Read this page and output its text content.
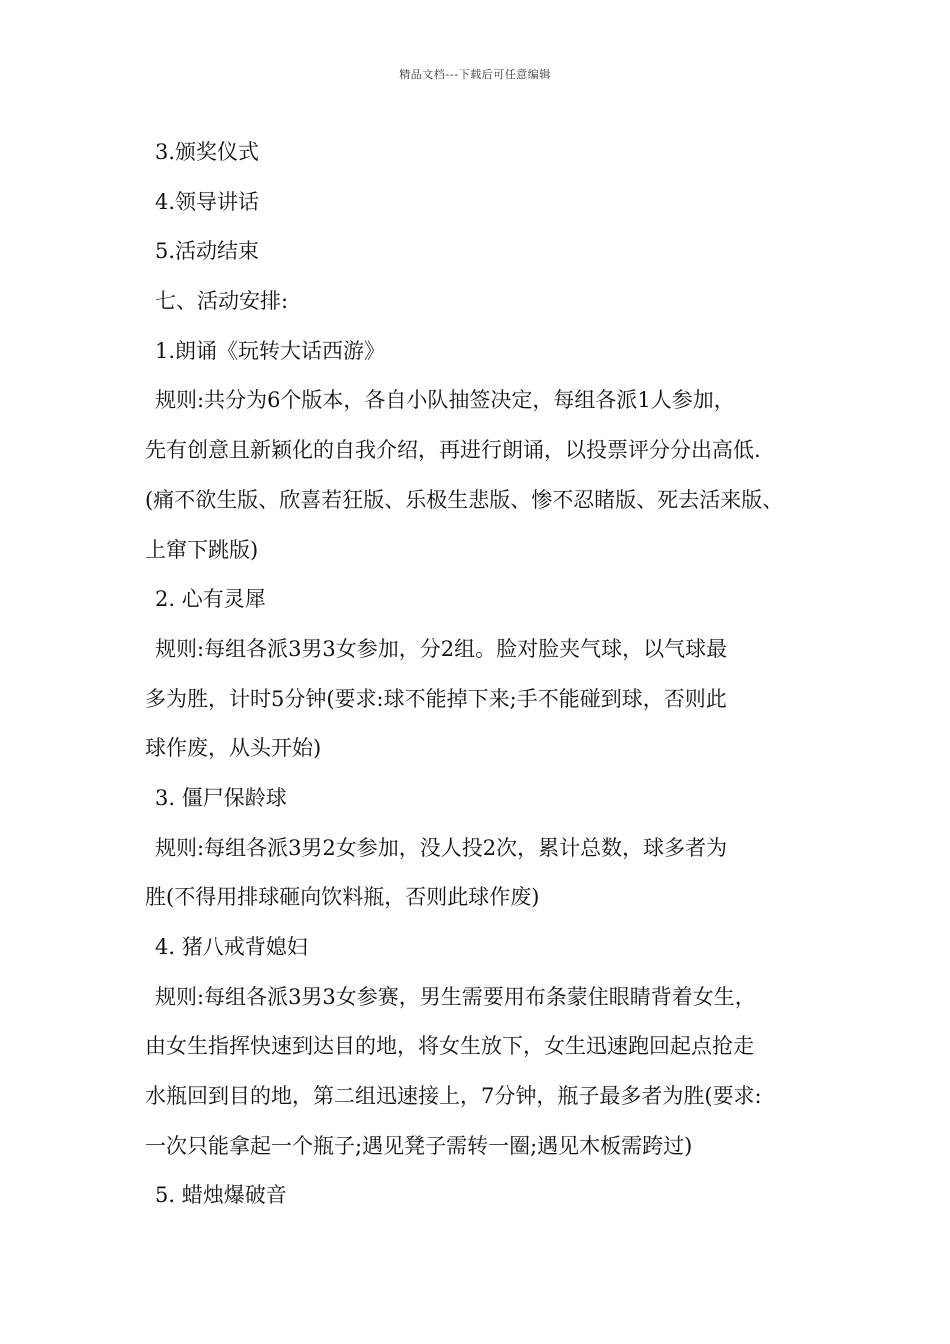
精品文档---下载后可任意编辑
3.颁奖仪式
4.领导讲话
5.活动结束
七、活动安排:
1.朗诵《玩转大话西游》
规则:共分为6个版本，各自小队抽签决定，每组各派1人参加，
先有创意且新颖化的自我介绍，再进行朗诵，以投票评分分出高低.
(痛不欲生版、欣喜若狂版、乐极生悲版、惨不忍睹版、死去活来版、
上窜下跳版)
2. 心有灵犀
规则:每组各派3男3女参加，分2组。脸对脸夹气球，以气球最
多为胜，计时5分钟(要求:球不能掉下来;手不能碰到球，否则此
球作废，从头开始)
3. 僵尸保龄球
规则:每组各派3男2女参加，没人投2次，累计总数，球多者为
胜(不得用排球砸向饮料瓶，否则此球作废)
4. 猪八戒背媳妇
规则:每组各派3男3女参赛，男生需要用布条蒙住眼睛背着女生，
由女生指挥快速到达目的地，将女生放下，女生迅速跑回起点抢走
水瓶回到目的地，第二组迅速接上，7分钟，瓶子最多者为胜(要求:
一次只能拿起一个瓶子;遇见凳子需转一圈;遇见木板需跨过)
5. 蜡烛爆破音
